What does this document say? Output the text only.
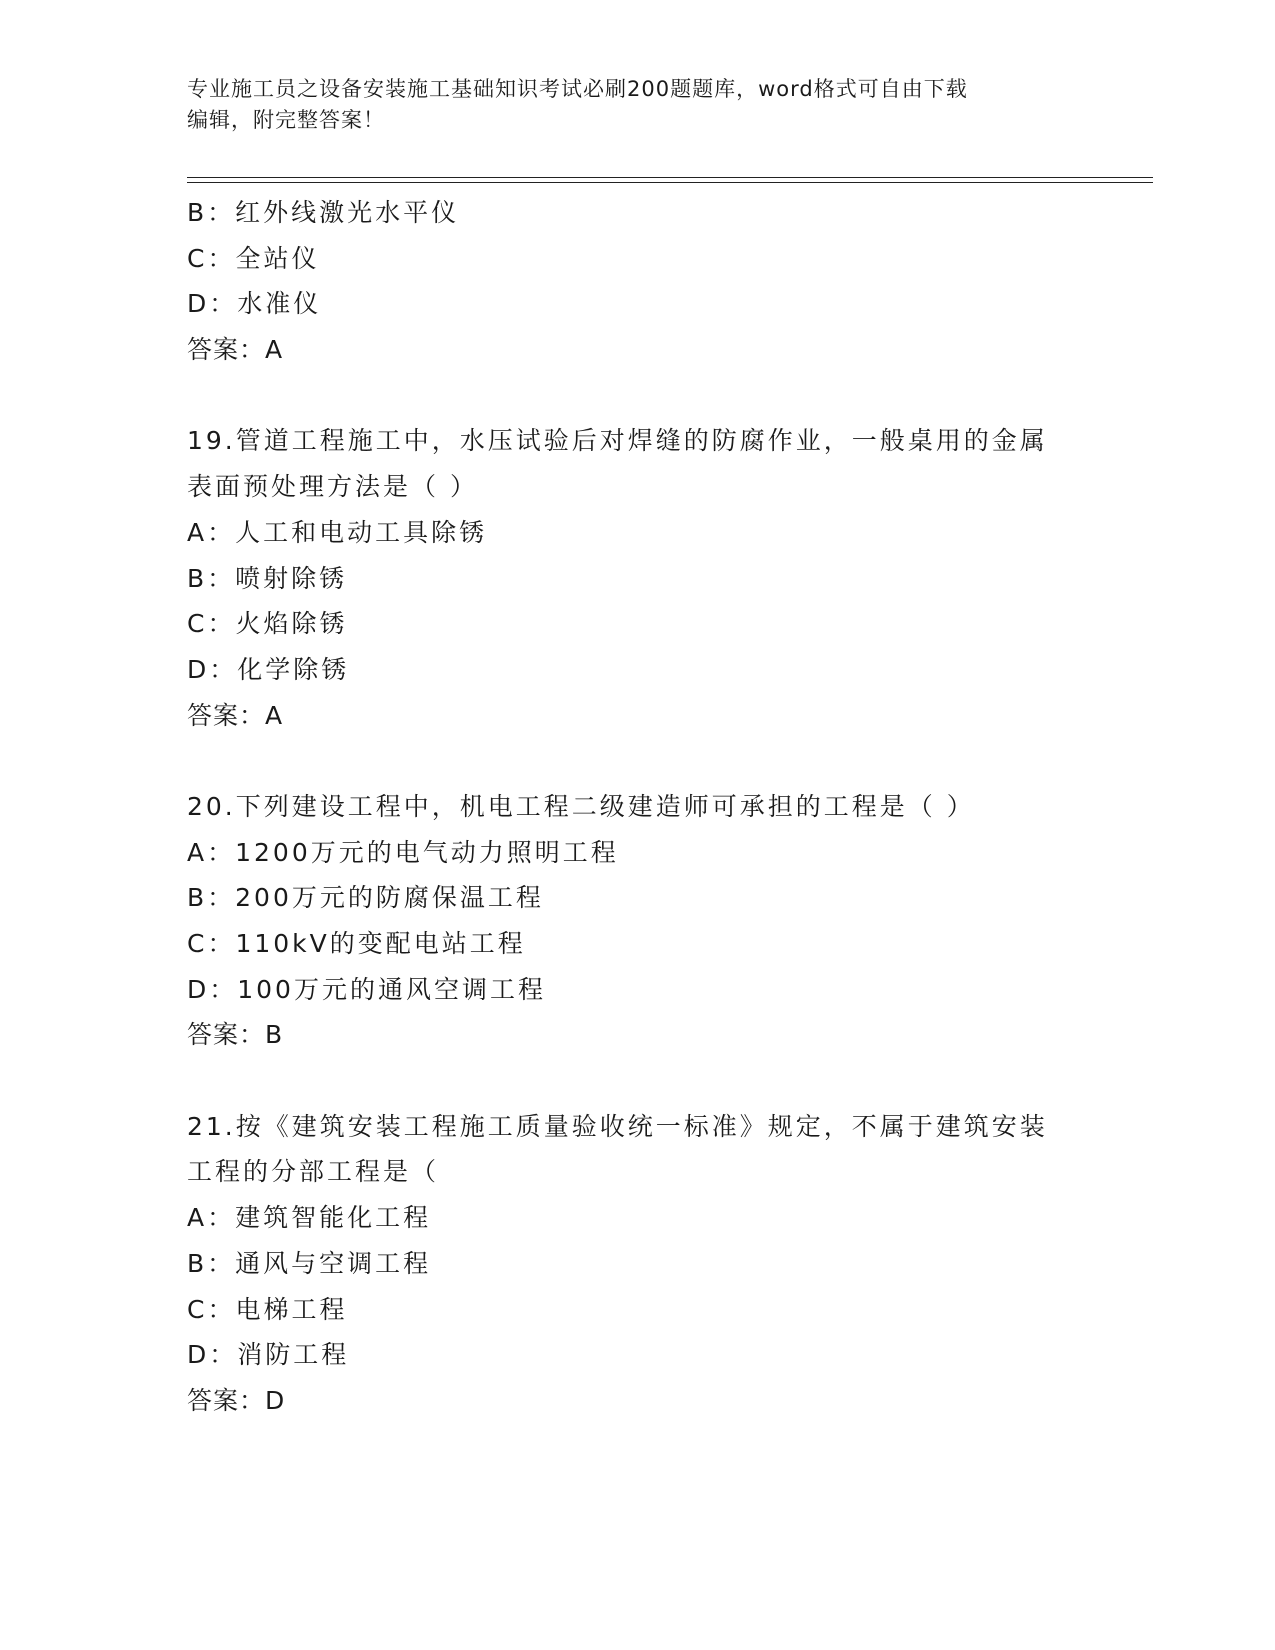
专业施工员之设备安装施工基础知识考试必刷200题题库，word格式可自由下载
编辑，附完整答案！
B：红外线激光水平仪
C：全站仪
D：水准仪
答案：A
19.管道工程施工中，水压试验后对焊缝的防腐作业，一般桌用的金属
表面预处理方法是（ ）
A：人工和电动工具除锈
B：喷射除锈
C：火焰除锈
D：化学除锈
答案：A
20.下列建设工程中，机电工程二级建造师可承担的工程是（ ）
A：1200万元的电气动力照明工程
B：200万元的防腐保温工程
C：110kV的变配电站工程
D：100万元的通风空调工程
答案：B
21.按《建筑安装工程施工质量验收统一标准》规定，不属于建筑安装
工程的分部工程是（
A：建筑智能化工程
B：通风与空调工程
C：电梯工程
D：消防工程
答案：D
